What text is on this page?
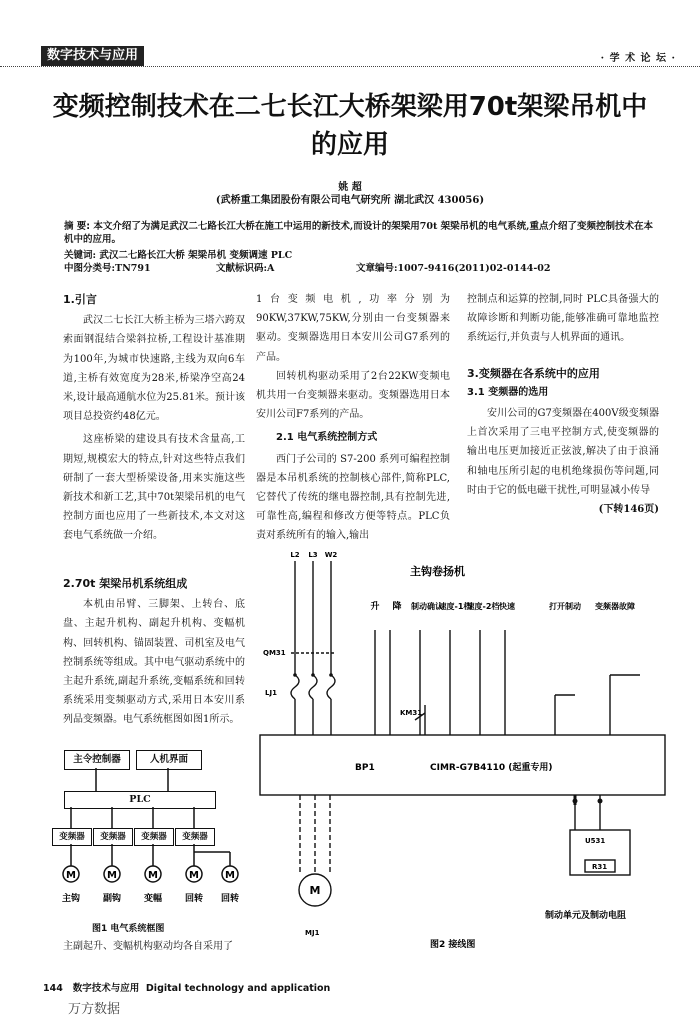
数字技术与应用	· 学 术 论 坛 ·
变频控制技术在二七长江大桥架梁用70t架梁吊机中
的应用
姚 超
(武桥重工集团股份有限公司电气研究所 湖北武汉 430056)
摘 要: 本文介绍了为满足武汉二七路长江大桥在施工中运用的新技术,而设计的架梁用70t 架梁吊机的电气系统,重点介绍了变频控制技术在本机中的应用。
关键词: 武汉二七路长江大桥 架梁吊机 变频调速 PLC
中图分类号:TN791	文献标识码:A	文章编号:1007-9416(2011)02-0144-02
1.引言

武汉二七长江大桥主桥为三塔六跨双索面钢混结合梁斜拉桥,工程设计基准期为100年,为城市快速路,主线为双向6车道,主桥有效宽度为28米,桥梁净空高24米,设计最高通航水位为25.81米。预计该项目总投资约48亿元。

这座桥梁的建设具有技术含量高,工期短,规模宏大的特点,针对这些特点我们研制了一套大型桥梁设备,用来实施这些新技术和新工艺,其中70t架梁吊机的电气控制方面也应用了一些新技术,本文对这套电气系统做一介绍。

2.70t 架梁吊机系统组成

本机由吊臂、三脚架、上转台、底盘、主起升机构、副起升机构、变幅机构、回转机构、锚固装置、司机室及电气控制系统等组成。其中电气驱动系统中的主起升系统,副起升系统,变幅系统和回转系统采用变频驱动方式,采用日本安川系列品变频器。电气系统框图如图1所示。

主令控制器	人机界面
PLC
变频器	变频器	变频器	变频器
M	M	M	M	M
主钩	副钩	变幅	回转 回转
图1 电气系统框图
主副起升、变幅机构驱动均各自采用了
1台变频电机,功率分别为90KW,37KW,75KW,分别由一台变频器来驱动。变频器选用日本安川公司G7系列的产品。

回转机构驱动采用了2台22KW变频电机共用一台变频器来驱动。变频器选用日本安川公司F7系列的产品。

2.1 电气系统控制方式

西门子公司的 S7-200 系列可编程控制器是本吊机系统的控制核心部件,简称PLC,它替代了传统的继电器控制,具有控制先进,可靠性高,编程和修改方便等特点。PLC负责对系统所有的输入,输出

控制点和运算的控制,同时 PLC具备强大的故障诊断和判断功能,能够准确可靠地监控系统运行,并负责与人机界面的通讯。
3.变频器在各系统中的应用
3.1 变频器的选用

安川公司的G7变频器在400V级变频器上首次采用了三电平控制方式,使变频器的输出电压更加接近正弦波,解决了由于浪涌和轴电压所引起的电机绝缘损伤等问题,同时由于它的低电磁干扰性,可明显减小传导

(下转146页)
L2 L3 W2
主钩卷扬机
升 降 制动确认
速度-1档
速度-2档 快速	打开制动 变频器故障
QM31
LJ1
KM31
U531
R31
MJ1
BP1	CIMR-G7B4110 (起重专用)
M
制动单元及制动电阻
图2 接线图
144 数字技术与应用 Digital technology and application
万方数据
